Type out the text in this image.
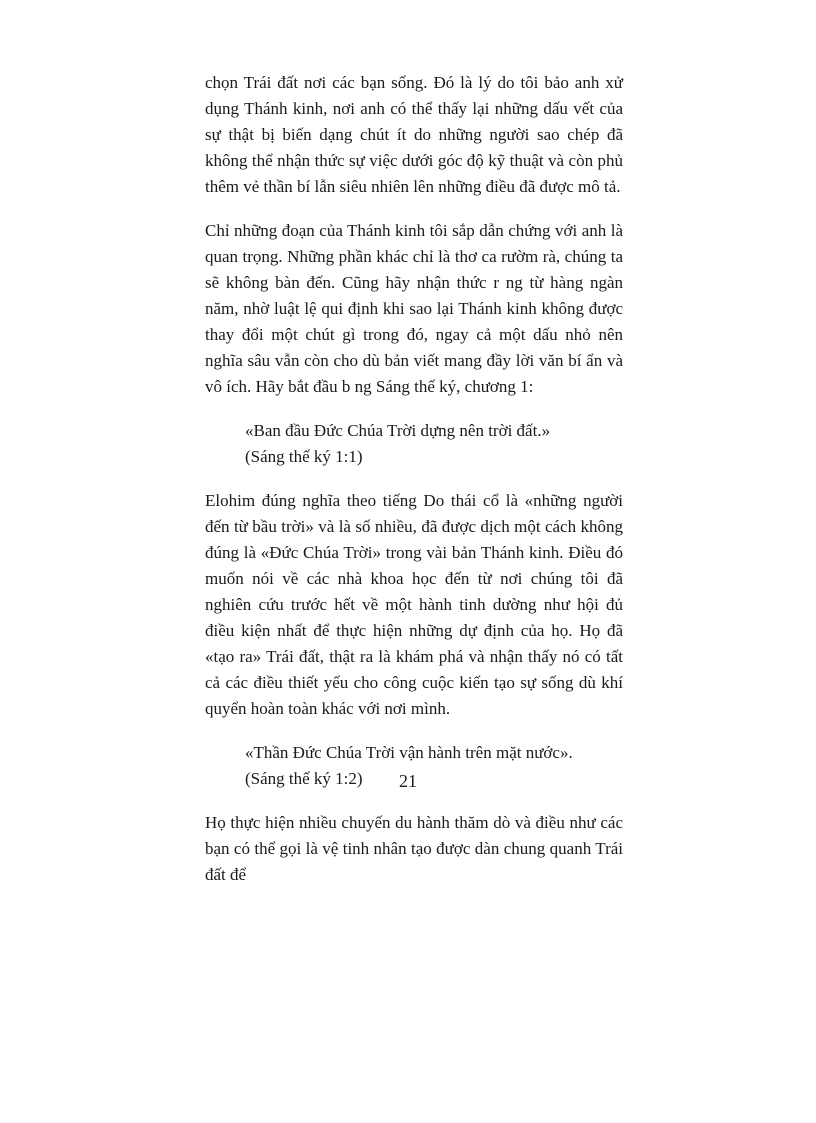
chọn Trái đất nơi các bạn sống. Đó là lý do tôi bảo anh xử dụng Thánh kinh, nơi anh có thể thấy lại những dấu vết của sự thật bị biến dạng chút ít do những người sao chép đã không thể nhận thức sự việc dưới góc độ kỹ thuật và còn phủ thêm vẻ thần bí lẫn siêu nhiên lên những điều đã được mô tả.

Chỉ những đoạn của Thánh kinh tôi sắp dẫn chứng với anh là quan trọng. Những phần khác chỉ là thơ ca rườm rà, chúng ta sẽ không bàn đến. Cũng hãy nhận thức r ng từ hàng ngàn năm, nhờ luật lệ qui định khi sao lại Thánh kinh không được thay đổi một chút gì trong đó, ngay cả một dấu nhỏ nên nghĩa sâu vẫn còn cho dù bản viết mang đầy lời văn bí ẩn và vô ích. Hãy bắt đầu b ng Sáng thế ký, chương 1:

«Ban đầu Đức Chúa Trời dựng nên trời đất.» (Sáng thế ký 1:1)

Elohim đúng nghĩa theo tiếng Do thái cổ là «những người đến từ bầu trời» và là số nhiều, đã được dịch một cách không đúng là «Đức Chúa Trời» trong vài bản Thánh kinh. Điều đó muốn nói về các nhà khoa học đến từ nơi chúng tôi đã nghiên cứu trước hết về một hành tinh dường như hội đủ điều kiện nhất để thực hiện những dự định của họ. Họ đã «tạo ra» Trái đất, thật ra là khám phá và nhận thấy nó có tất cả các điều thiết yếu cho công cuộc kiến tạo sự sống dù khí quyển hoàn toàn khác với nơi mình.

«Thần Đức Chúa Trời vận hành trên mặt nước». (Sáng thế ký 1:2)

Họ thực hiện nhiều chuyến du hành thăm dò và điều như các bạn có thể gọi là vệ tinh nhân tạo được dàn chung quanh Trái đất để

21
